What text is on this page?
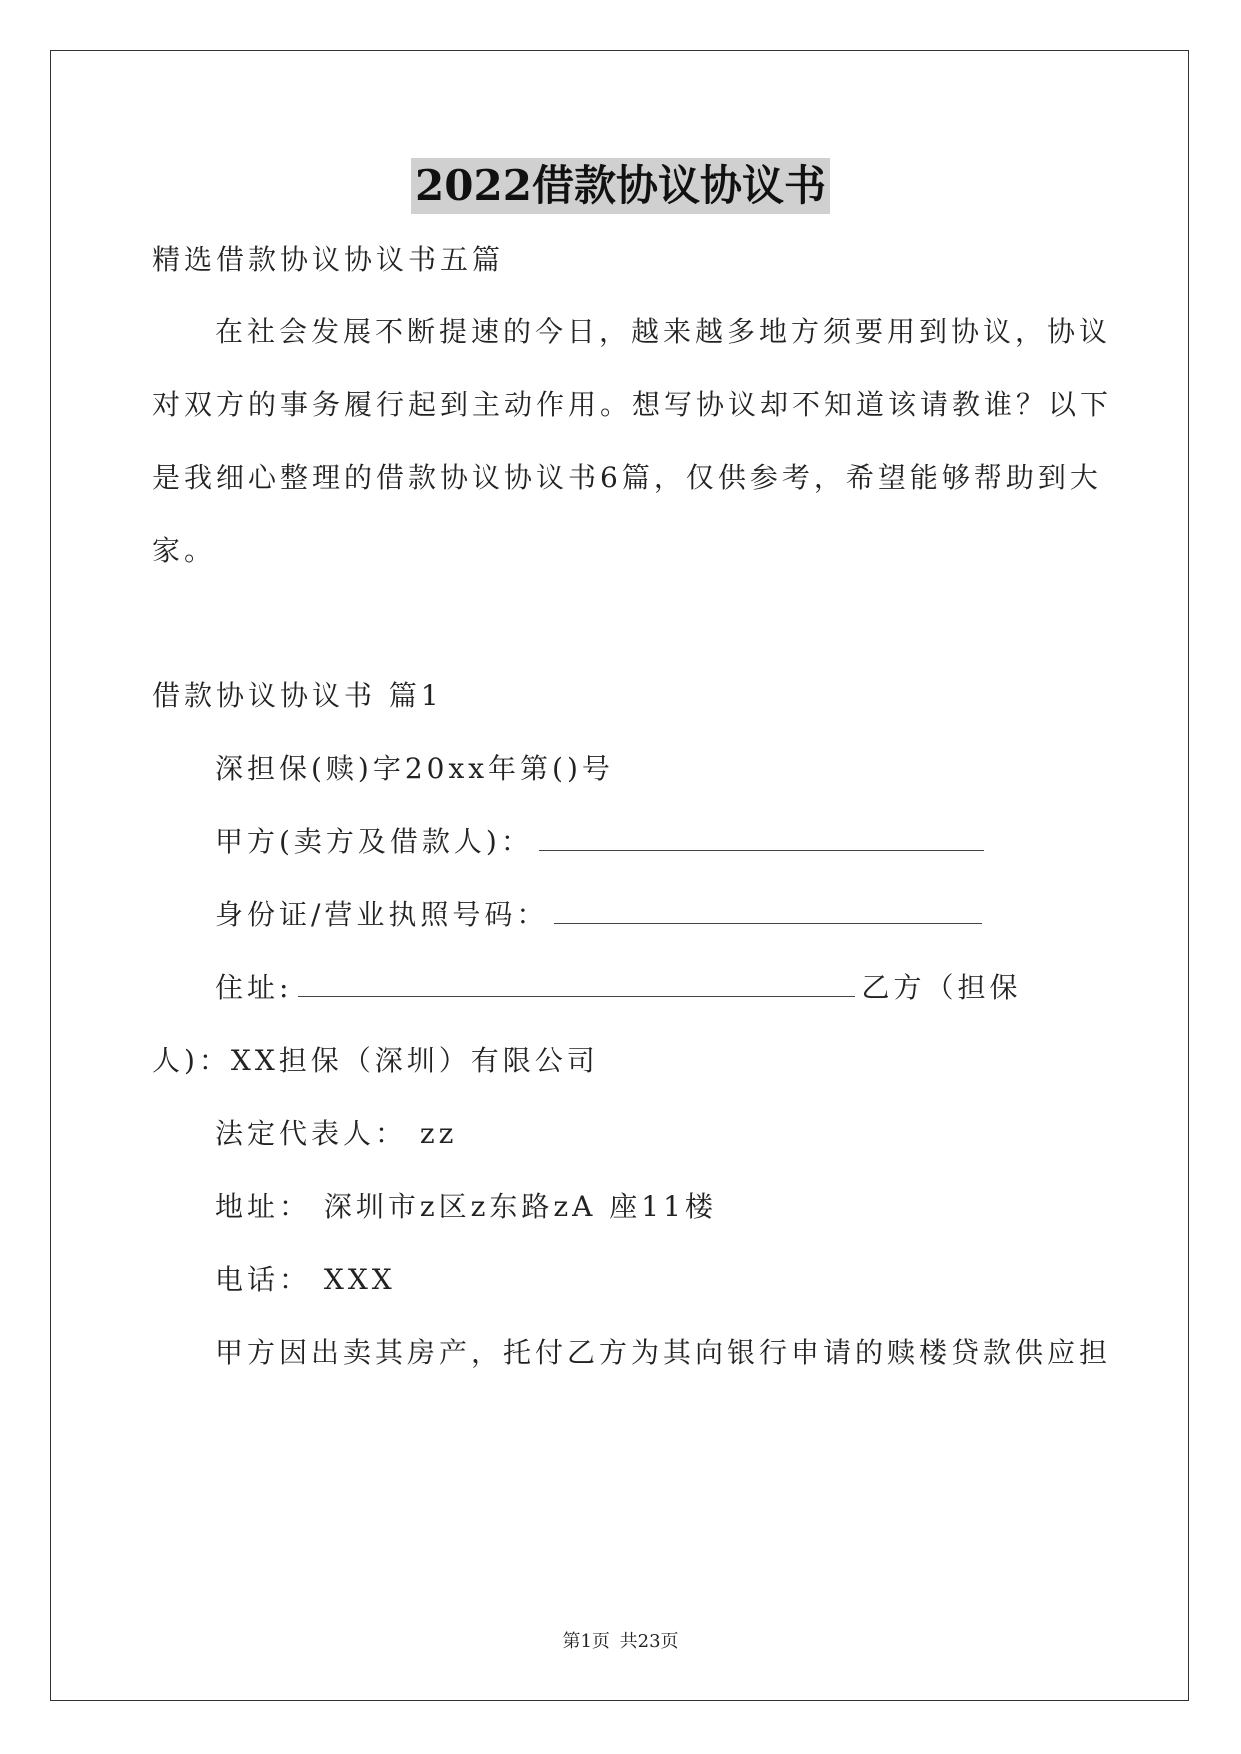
2022借款协议协议书
精选借款协议协议书五篇
在社会发展不断提速的今日，越来越多地方须要用到协议，协议
对双方的事务履行起到主动作用。想写协议却不知道该请教谁？以下
是我细心整理的借款协议协议书6篇，仅供参考，希望能够帮助到大
家。
借款协议协议书 篇1
深担保(赎)字20xx年第()号
甲方(卖方及借款人)：
身份证/营业执照号码：
住址:	乙方（担保
人)：XX担保（深圳）有限公司
法定代表人： zz
地址： 深圳市z区z东路zA 座11楼
电话： XXX
甲方因出卖其房产，托付乙方为其向银行申请的赎楼贷款供应担
第1页 共23页
